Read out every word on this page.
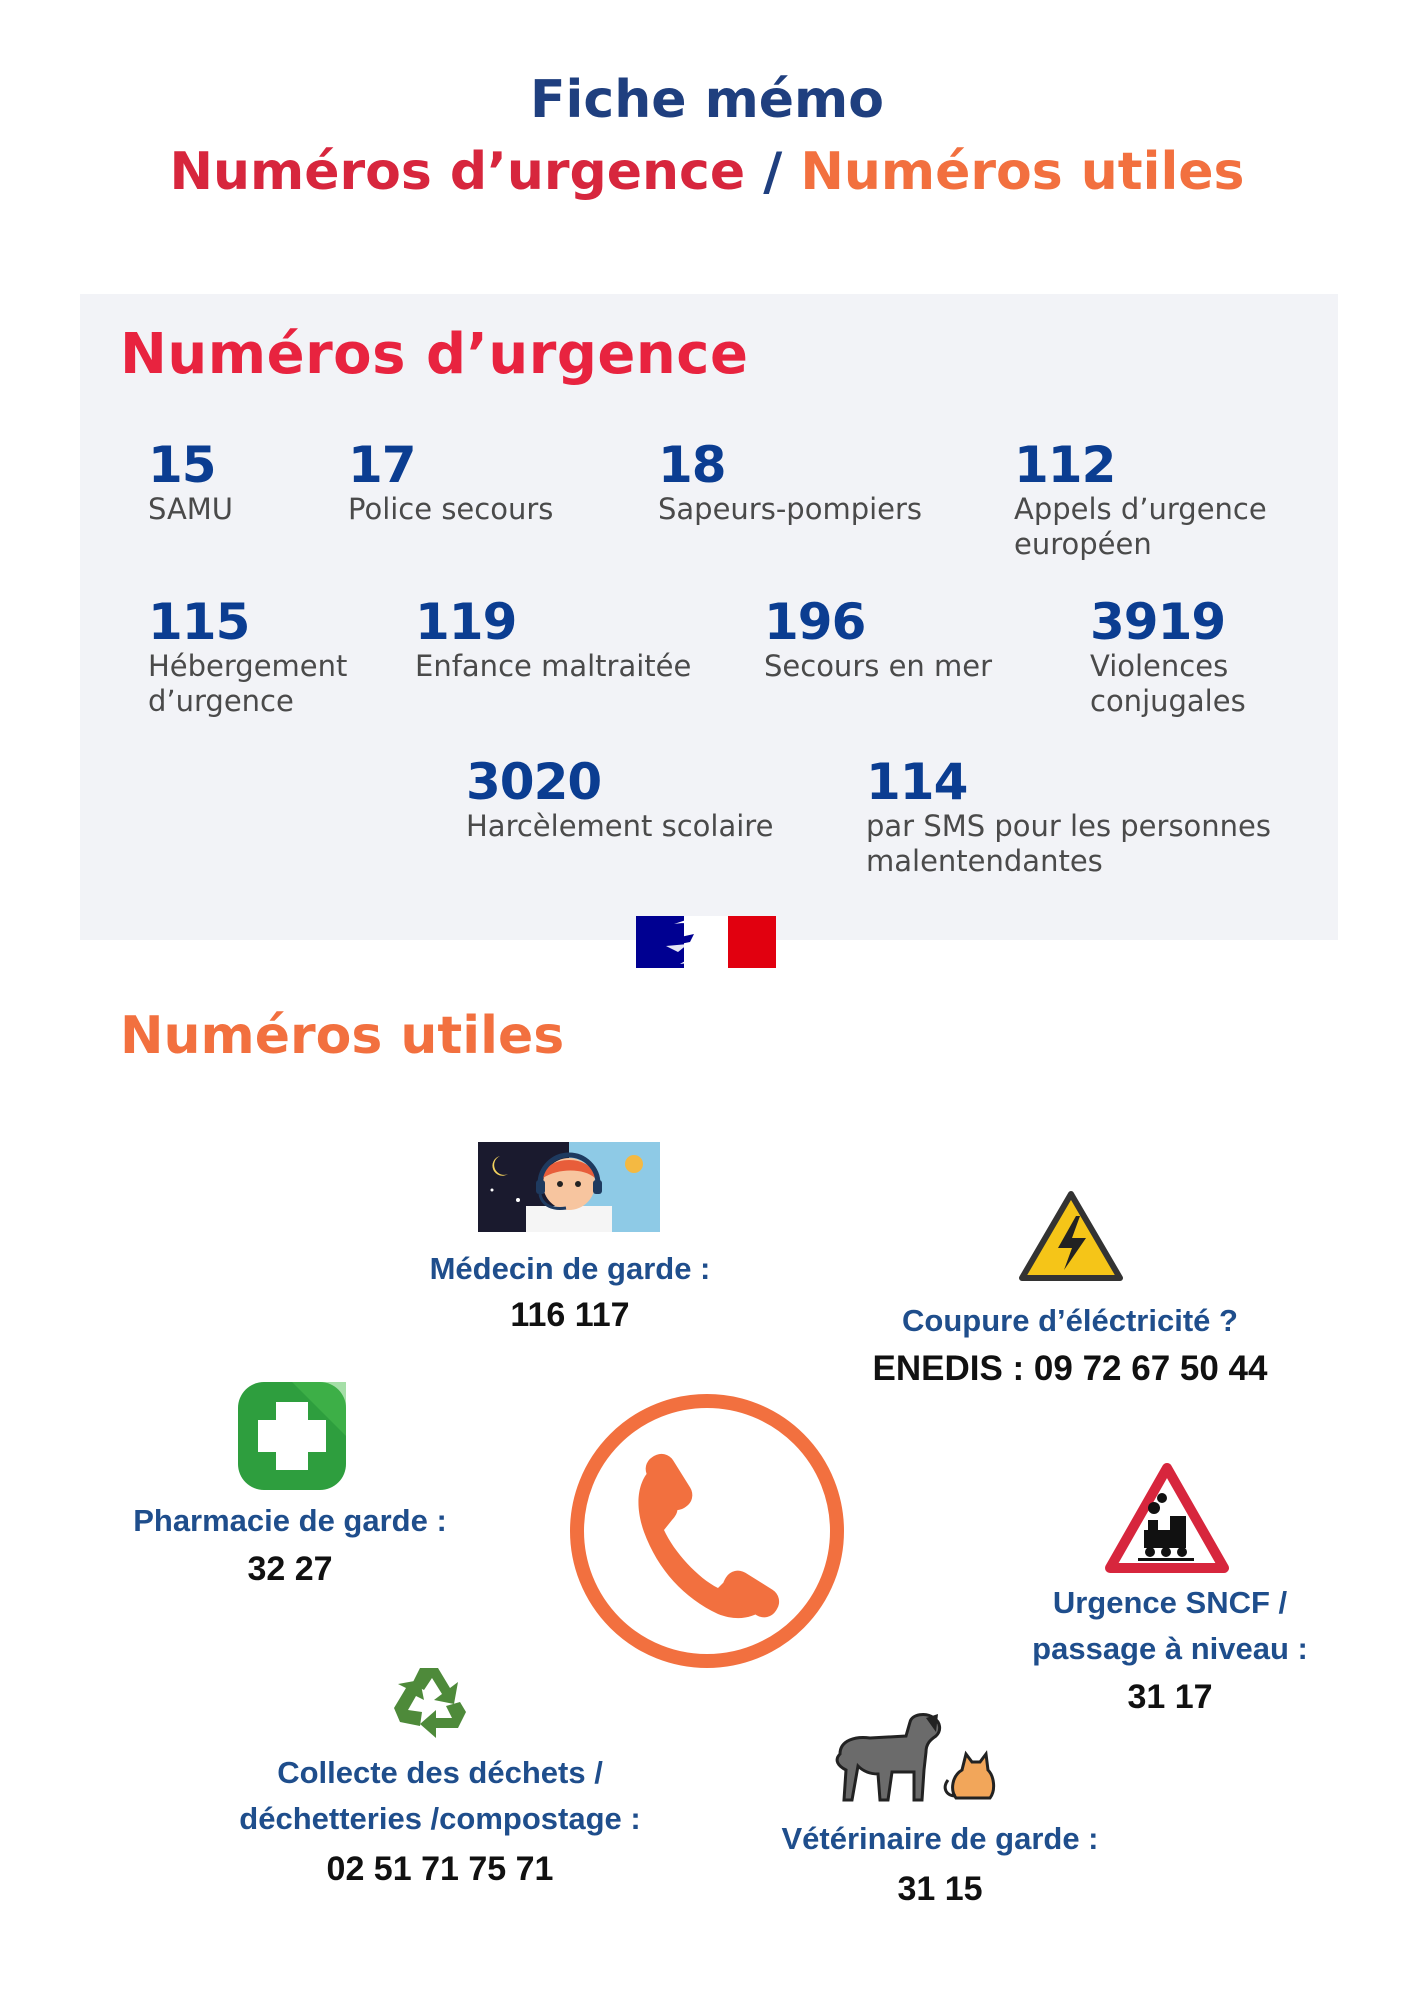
Fiche mémo
Numéros d’urgence / Numéros utiles
Numéros d’urgence
15
SAMU
17
Police secours
18
Sapeurs-pompiers
112
Appels d’urgence
européen
115
Hébergement
d’urgence
119
Enfance maltraitée
196
Secours en mer
3919
Violences
conjugales
3020
Harcèlement scolaire
114
par SMS pour les personnes
malentendantes
Numéros utiles
Médecin de garde :
116 117	Coupure d’éléctricité ?
ENEDIS : 09 72 67 50 44
Pharmacie de garde :
32 27
Urgence SNCF /
passage à niveau :
31 17
Collecte des déchets /
déchetteries /compostage :
02 51 71 75 71
Vétérinaire de garde :
31 15
